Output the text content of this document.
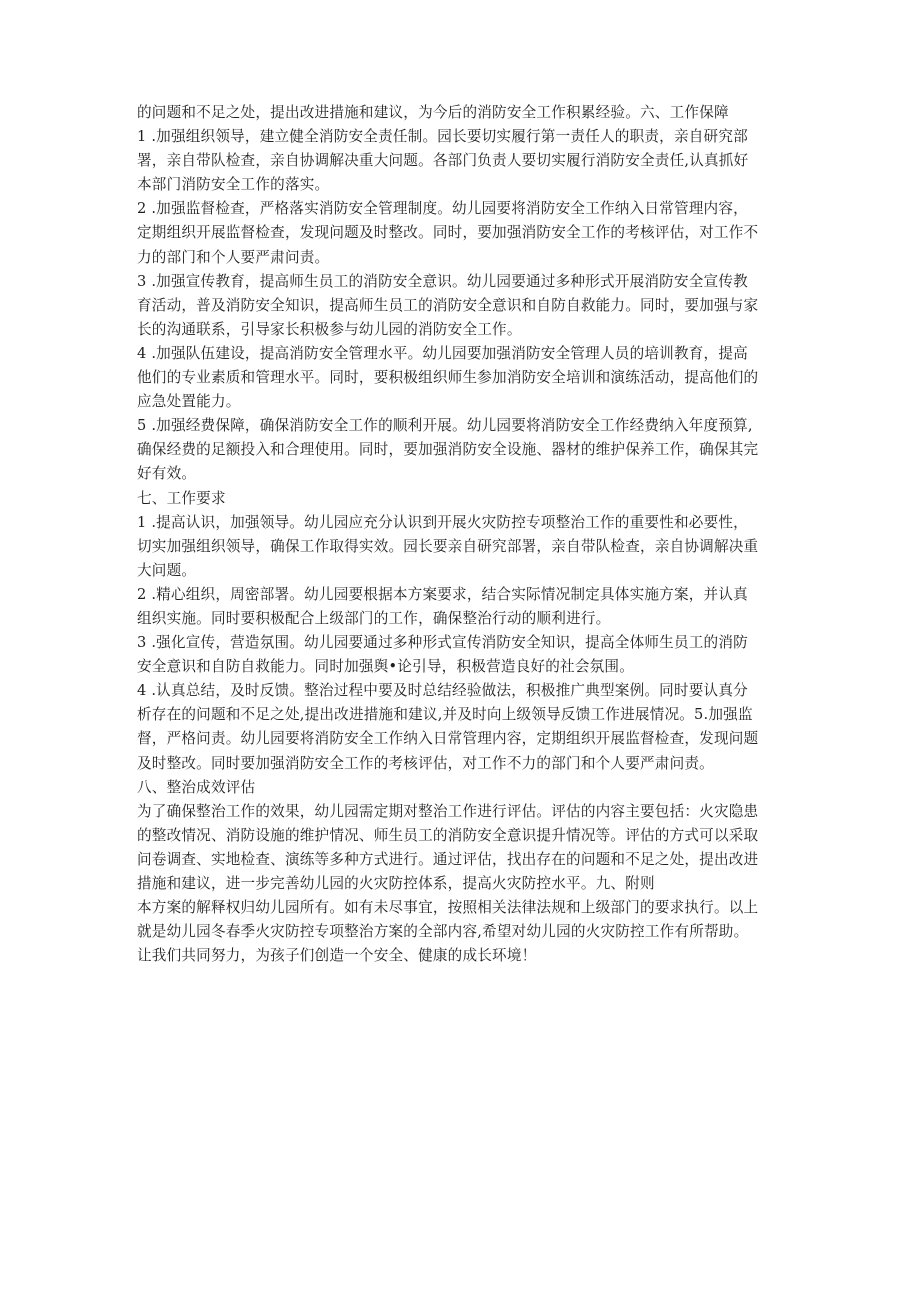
的问题和不足之处，提出改进措施和建议，为今后的消防安全工作积累经验。六、工作保障
1 .加强组织领导，建立健全消防安全责任制。园长要切实履行第一责任人的职责，亲自研究部
署，亲自带队检查，亲自协调解决重大问题。各部门负责人要切实履行消防安全责任,认真抓好
本部门消防安全工作的落实。
2 .加强监督检查，严格落实消防安全管理制度。幼儿园要将消防安全工作纳入日常管理内容，
定期组织开展监督检查，发现问题及时整改。同时，要加强消防安全工作的考核评估，对工作不
力的部门和个人要严肃问责。
3 .加强宣传教育，提高师生员工的消防安全意识。幼儿园要通过多种形式开展消防安全宣传教
育活动，普及消防安全知识，提高师生员工的消防安全意识和自防自救能力。同时，要加强与家
长的沟通联系，引导家长积极参与幼儿园的消防安全工作。
4 .加强队伍建设，提高消防安全管理水平。幼儿园要加强消防安全管理人员的培训教育，提高
他们的专业素质和管理水平。同时，要积极组织师生参加消防安全培训和演练活动，提高他们的
应急处置能力。
5 .加强经费保障，确保消防安全工作的顺利开展。幼儿园要将消防安全工作经费纳入年度预算,
确保经费的足额投入和合理使用。同时，要加强消防安全设施、器材的维护保养工作，确保其完
好有效。
七、工作要求
1 .提高认识，加强领导。幼儿园应充分认识到开展火灾防控专项整治工作的重要性和必要性，
切实加强组织领导，确保工作取得实效。园长要亲自研究部署，亲自带队检查，亲自协调解决重
大问题。
2 .精心组织，周密部署。幼儿园要根据本方案要求，结合实际情况制定具体实施方案，并认真
组织实施。同时要积极配合上级部门的工作，确保整治行动的顺利进行。
3 .强化宣传，营造氛围。幼儿园要通过多种形式宣传消防安全知识，提高全体师生员工的消防
安全意识和自防自救能力。同时加强舆•论引导，积极营造良好的社会氛围。
4 .认真总结，及时反馈。整治过程中要及时总结经验做法，积极推广典型案例。同时要认真分
析存在的问题和不足之处,提出改进措施和建议,并及时向上级领导反馈工作进展情况。5.加强监
督，严格问责。幼儿园要将消防安全工作纳入日常管理内容，定期组织开展监督检查，发现问题
及时整改。同时要加强消防安全工作的考核评估，对工作不力的部门和个人要严肃问责。
八、整治成效评估
为了确保整治工作的效果，幼儿园需定期对整治工作进行评估。评估的内容主要包括：火灾隐患
的整改情况、消防设施的维护情况、师生员工的消防安全意识提升情况等。评估的方式可以采取
问卷调查、实地检查、演练等多种方式进行。通过评估，找出存在的问题和不足之处，提出改进
措施和建议，进一步完善幼儿园的火灾防控体系，提高火灾防控水平。九、附则
本方案的解释权归幼儿园所有。如有未尽事宜，按照相关法律法规和上级部门的要求执行。以上
就是幼儿园冬春季火灾防控专项整治方案的全部内容,希望对幼儿园的火灾防控工作有所帮助。
让我们共同努力，为孩子们创造一个安全、健康的成长环境！
